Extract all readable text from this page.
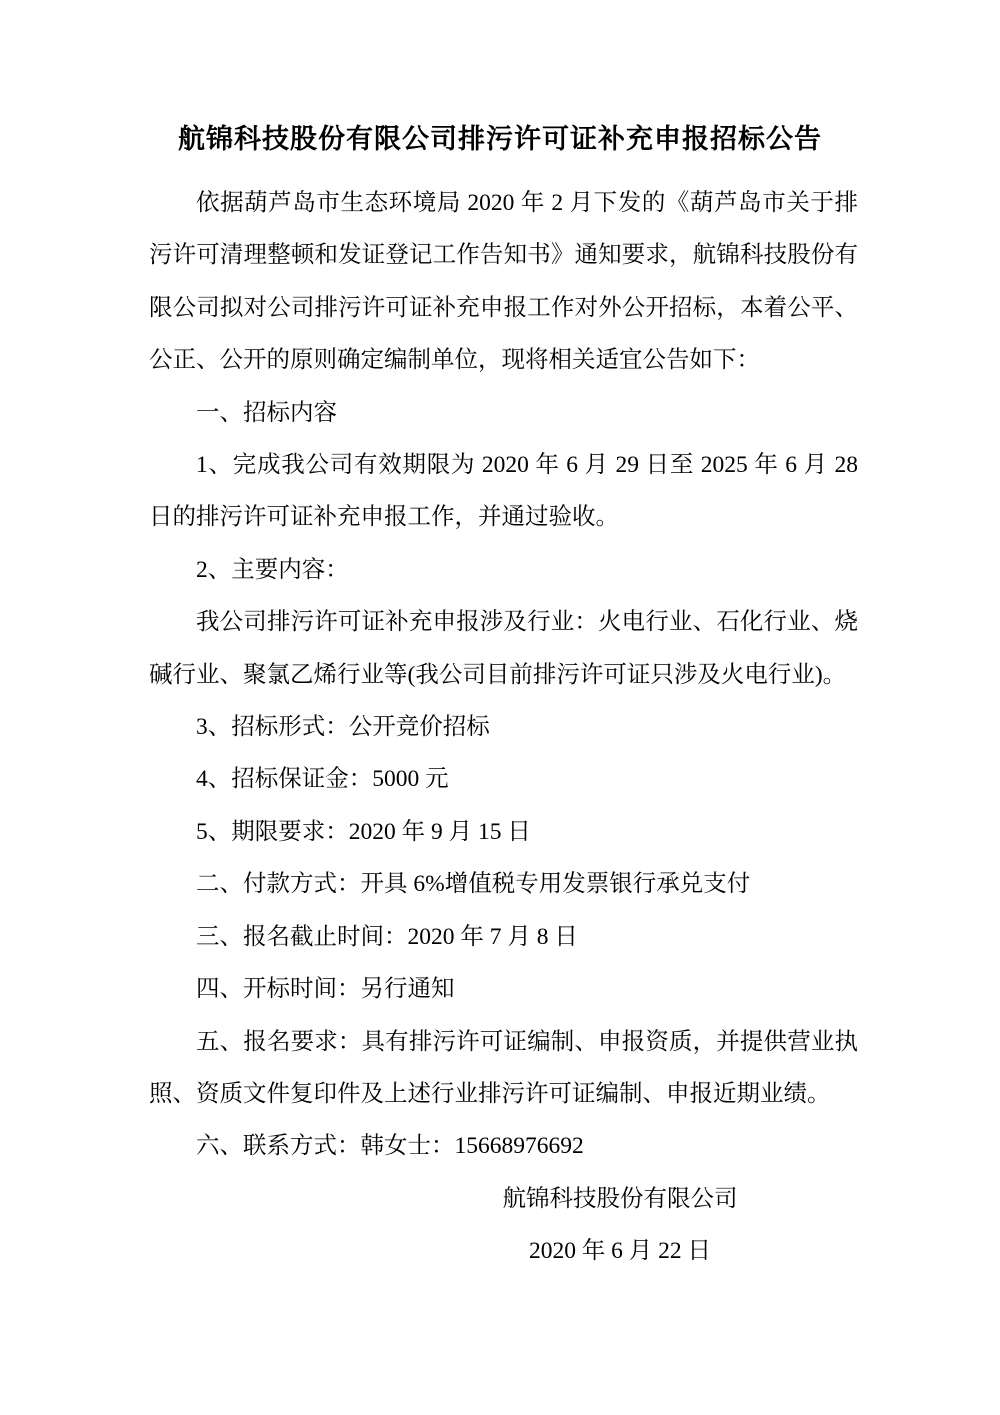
航锦科技股份有限公司排污许可证补充申报招标公告

依据葫芦岛市生态环境局 2020 年 2 月下发的《葫芦岛市关于排污许可清理整顿和发证登记工作告知书》通知要求，航锦科技股份有限公司拟对公司排污许可证补充申报工作对外公开招标，本着公平、公正、公开的原则确定编制单位，现将相关适宜公告如下：

一、招标内容

1、完成我公司有效期限为 2020 年 6 月 29 日至 2025 年 6 月 28 日的排污许可证补充申报工作，并通过验收。

2、主要内容：

我公司排污许可证补充申报涉及行业：火电行业、石化行业、烧碱行业、聚氯乙烯行业等(我公司目前排污许可证只涉及火电行业)。

3、招标形式：公开竞价招标

4、招标保证金：5000 元

5、期限要求：2020 年 9 月 15 日

二、付款方式：开具 6%增值税专用发票银行承兑支付

三、报名截止时间：2020 年 7 月 8 日

四、开标时间：另行通知

五、报名要求：具有排污许可证编制、申报资质，并提供营业执照、资质文件复印件及上述行业排污许可证编制、申报近期业绩。

六、联系方式：韩女士：15668976692

航锦科技股份有限公司

2020 年 6 月 22 日
